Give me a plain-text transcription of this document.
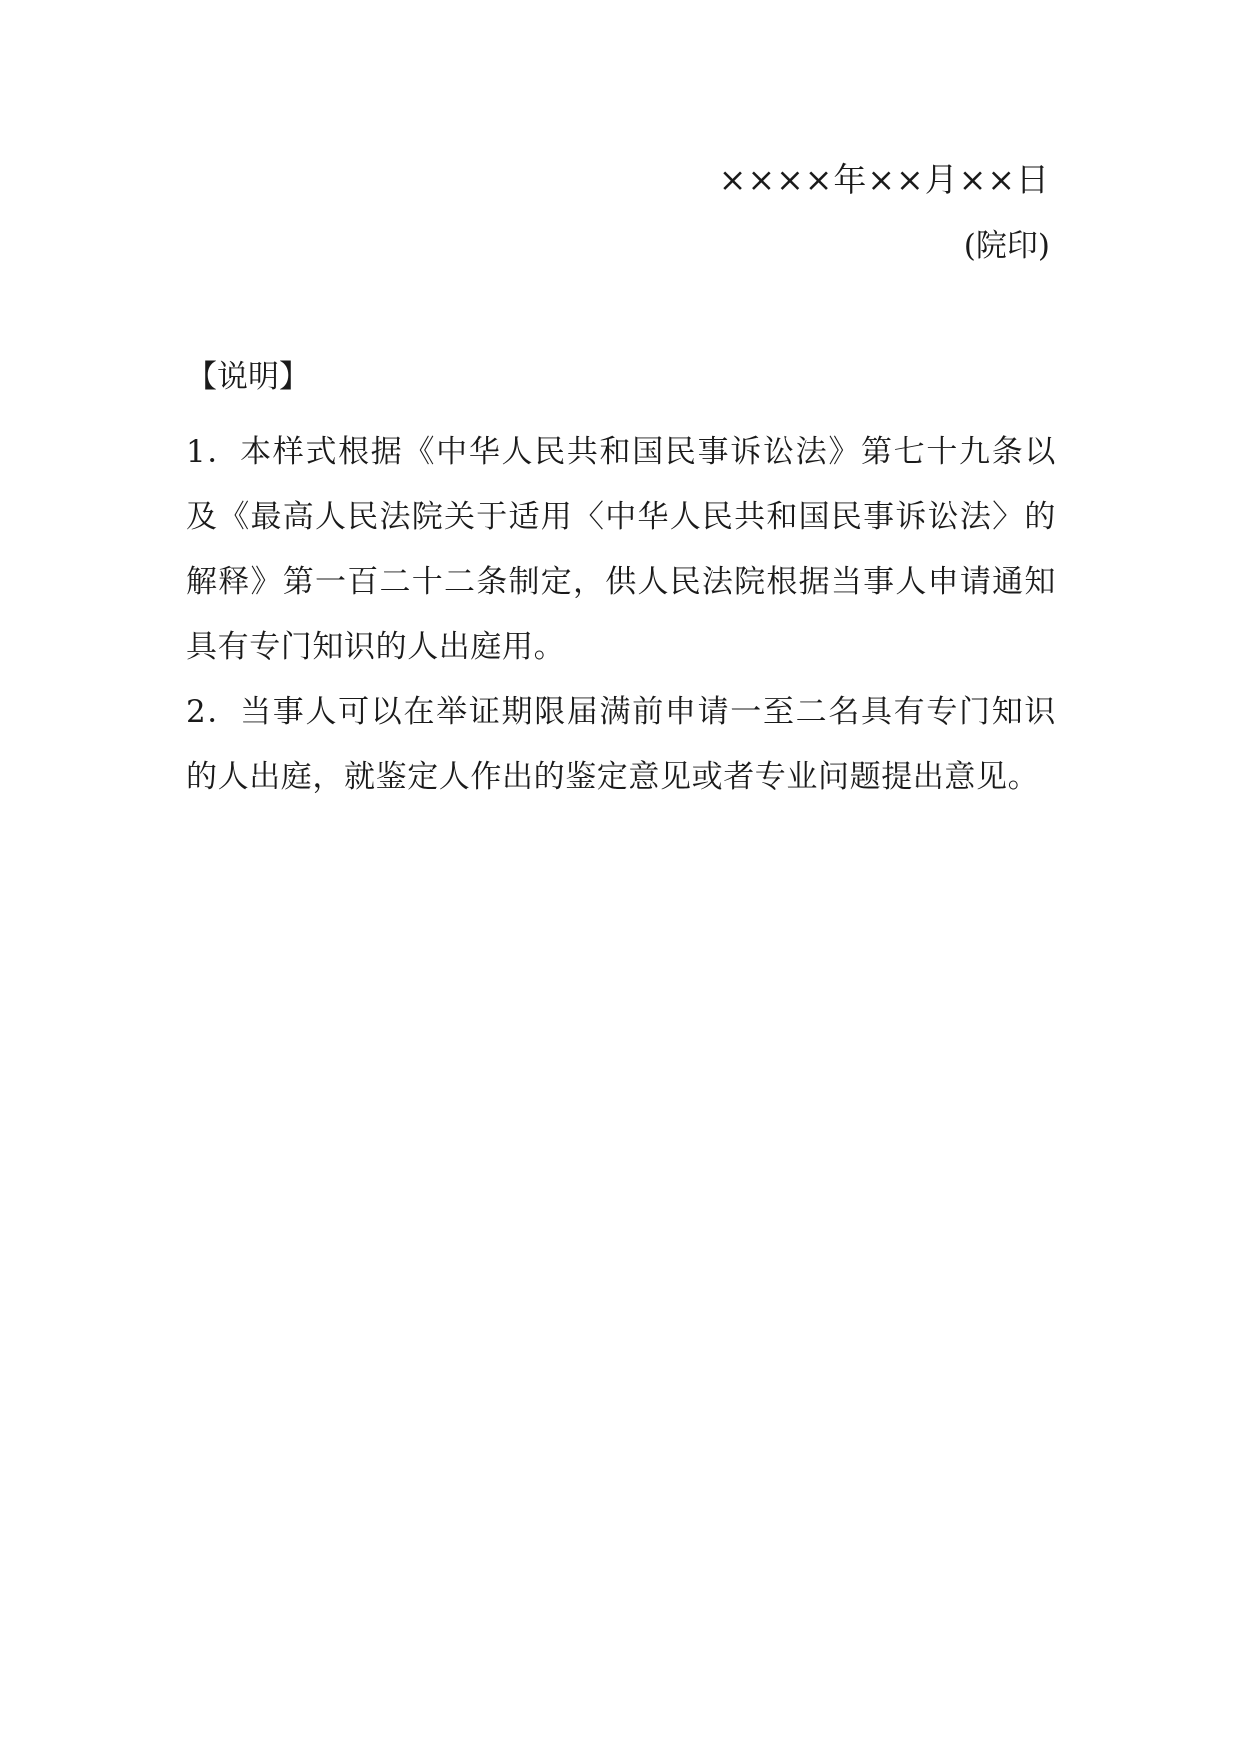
××××年××月××日
(院印)
【说明】

1．本样式根据《中华人民共和国民事诉讼法》第七十九条以及《最高人民法院关于适用〈中华人民共和国民事诉讼法〉的解释》第一百二十二条制定，供人民法院根据当事人申请通知具有专门知识的人出庭用。

2．当事人可以在举证期限届满前申请一至二名具有专门知识的人出庭，就鉴定人作出的鉴定意见或者专业问题提出意见。
